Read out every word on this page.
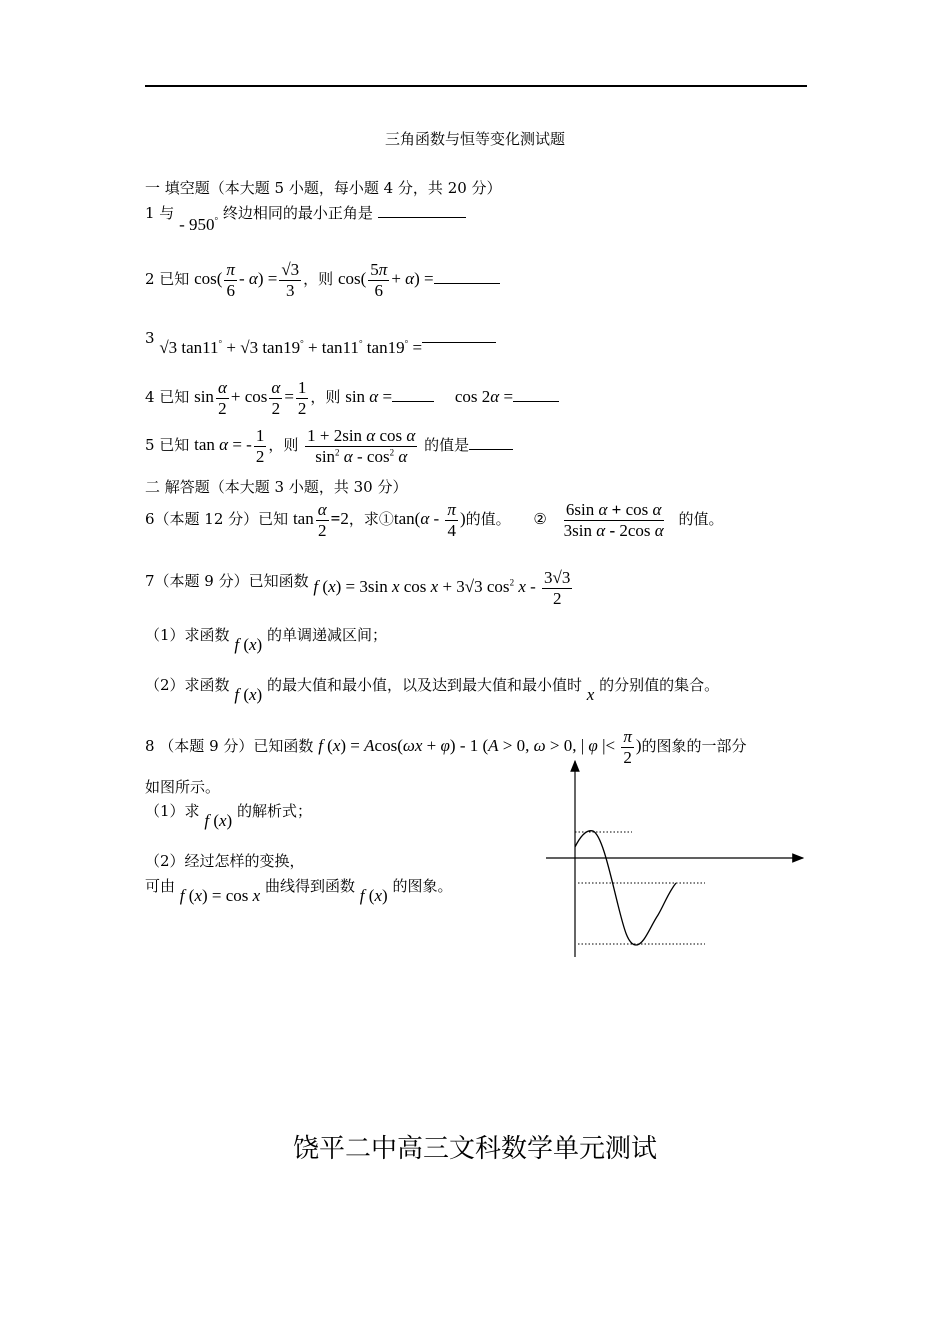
三角函数与恒等变化测试题
一 填空题（本大题 5 小题，每小题 4 分，共 20 分）
1 与 - 950° 终边相同的最小正角是
2 已知 $\cos( \frac{\pi}{6} - \alpha) = \frac{√3}{3}$ ，则 $\cos( \frac{5\pi}{6} + \alpha)$ =
3 √3 tan11° + √3 tan19° + tan11° tan19° =
4 已知 $\sin \frac{\alpha}{2} + \cos \frac{\alpha}{2} = \frac{1}{2}$ ，则 sin α =	cos 2α =
5 已知 tan α = - $\frac{1}{2}$ ，则 $\frac{\text{1 + 2sin α cos α}}{\sin^2 \alpha - \cos^2 \alpha}$ 的值是
二 解答题（本大题 3 小题，共 30 分）
6（本题 12 分）已知 $\tan \frac{\alpha}{2} =2$，求①tan(α - $\frac{\pi}{4}$ )的值。 ② $\frac{\text{6sin α + cos α}}{\text{3sin α - 2cos α}}$ 的值。
7（本题 9 分）已知函数 f (x) = 3sin x cos x + 3√3 $\cos^2 x - \frac{3√3}{2}$
（1）求函数 f (x) 的单调递减区间；
（2）求函数 f (x) 的最大值和最小值，以及达到最大值和最小值时 x 的分别值的集合。
8 （本题 9 分）已知函数 f (x) = Acos(ωx + φ) - 1 (A > 0, ω > 0, | φ |< $\frac{\pi}{2}$ )的图象的一部分
如图所示。
（1）求 f (x) 的解析式；
（2）经过怎样的变换，
可由 f (x) = cos x 曲线得到函数 f (x) 的图象。
饶平二中高三文科数学单元测试
